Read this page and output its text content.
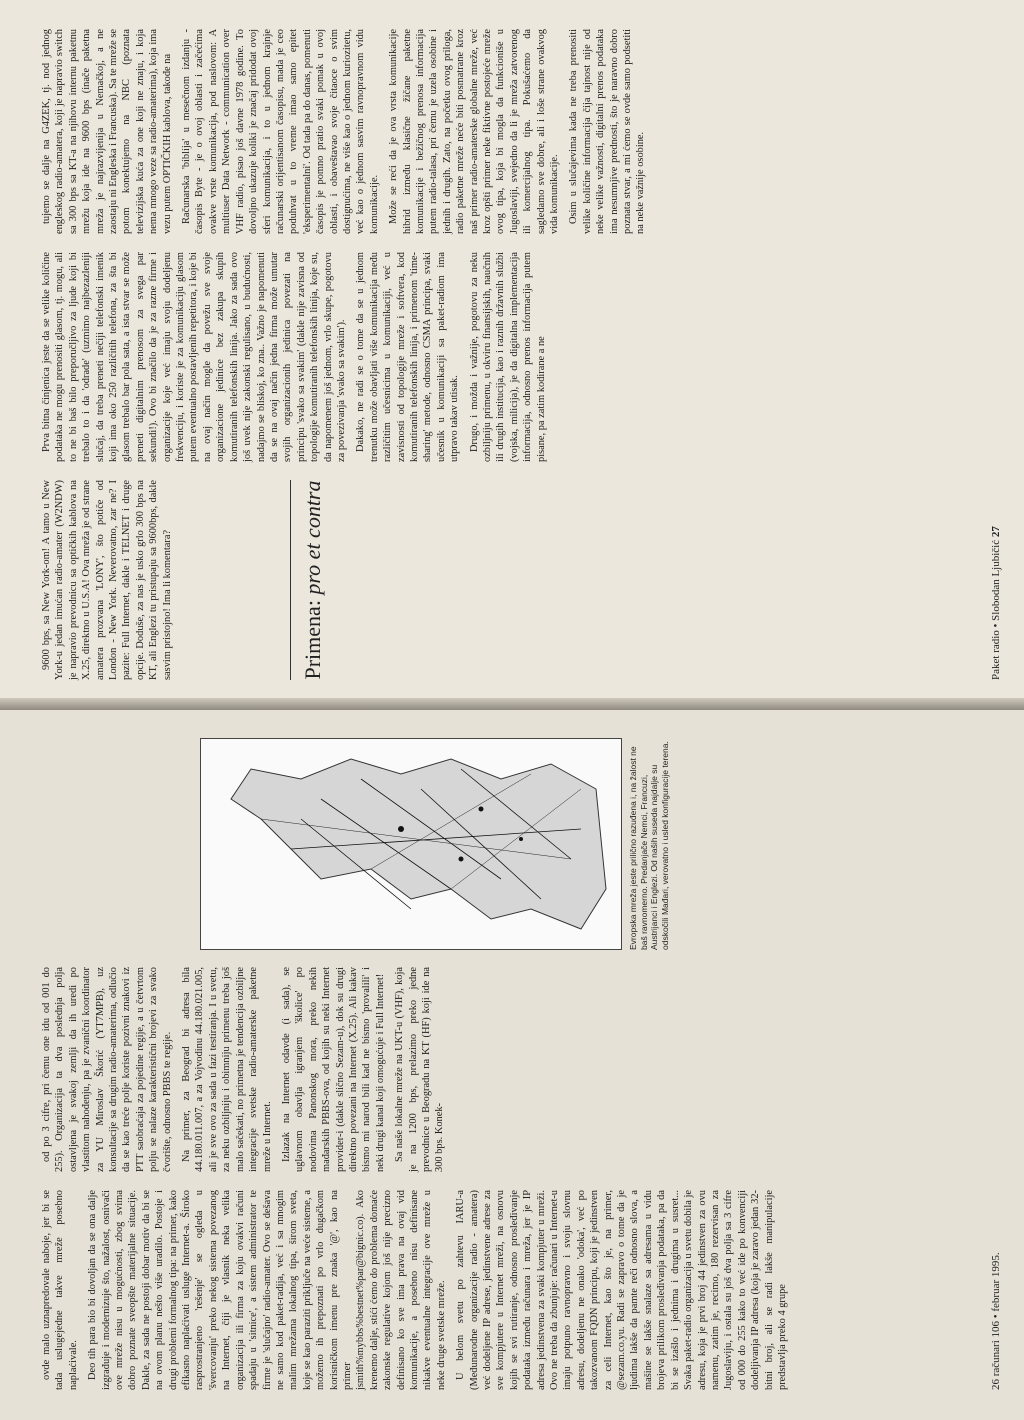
9600 bps, sa New York-om! A tamo u New York-u jedan imućan radio-amater (W2NDW) je napravio prevodnicu sa optičkih kablova na X.25, direktno u U.S.A! Ova mreža je od strane amatera prozvana 'LONY', što potiče od London - New York. Neverovatno, zar ne? I pazite: Full Internet, dakle i TELNET i druge opcije. Doduše, za nas je usko grlo 300 bps na KT, ali Englezi tu pristupaju sa 9600bps, dakle sasvim pristojno! Ima li komentara?	Primena: pro et contra

Prva bitna činjenica jeste da se velike količine podataka ne mogu prenositi glasom, tj. mogu, ali to ne bi baš bilo preporučljivo za ljude koji bi trebalo to i da 'odrade' (uzmimo najbezazleniji slučaj, da treba preneti nečiji telefonski imenik koji ima oko 250 različitih telefona, za šta bi glasom trebalo bar pola sata, a ista stvar se može preneti digitalnim prenosom za svega par sekundi!). Ovo bi značilo da je za razne firme i organizacije koje već imaju svoju dodeljenu frekvenciju, i koriste je za komunikaciju glasom putem eventualno postavljenih repetitora, i koje bi na ovaj način mogle da povežu sve svoje organizacione jedinice bez zakupa skupih komutiranih telefonskih linija. Jako za sada ovo još uvek nije zakonski regulisano, u budućnosti, nadajmo se bliskoj, ko zna.. Važno je napomenuti da se na ovaj način jedna firma može umutar svojih organizacionih jedinica povezati na principu 'svako sa svakim' (dakle nije zavisna od topologije komutiranih telefonskih linija, koje su, da napomenem još jednom, vrlo skupe, pogotovu za povezivanja 'svako sa svakim'). Dakako, ne radi se o tome da se u jednom trenutku može obavljati više komunikacija među različitim učesnicima u komunikaciji, već u zavisnosti od topologije mreže i softvera, kod komutiranih telefonskih linija, i primenom 'time-sharing' metode, odnosno CSMA principa, svaki učesnik u komunikaciji sa paket-radiom ima utpravo takav utisak. Drugo, i možda i važnije, pogotovu za neku ozbiljniju primenu, u okviru finansijskih, naučnih ili drugih institucija, kao i raznih državnih službi (vojska, milicija), je da digitalna implementacija informacija, odnosno prenos informacija putem pisane, pa zatim kodirane a ne

tujemo se dalje na G4ZEK, tj. nod jednog engleskog radio-amatera, koji je napravio switch sa 300 bps sa KT-a na njihovu internu paketnu mrežu koja ide na 9600 bps (inače paketna mreža je najrazvijenija u Nemačkoj, a ne zaostaju ni Engleska i Francuska). Sa te mreže se potom konektujemo na NBC (poznata televizijska kuća za one koji ne znaju, i koja nema mnogo veze sa radio-amaterima), koja ima vezu putem OPTIČKIH kablova, takođe na Računarska 'biblija' u mesečnom izdanju - časopis Byte - je o ovoj oblasti i začećima ovakve vrste komunikacija, pod naslovom: A multiuser Data Network - communication over VHF radio, pisao još davne 1978 godine. To dovoljno ukazuje koliki je značaj pridodat ovoj sferi komunikacija, i to u jednom krajnje računarski orijentisanom časopisu, mada je ceo poduhvat u to vreme imao samo epitet 'eksperimentalni'. Od tada pa do danas, pomenuti časopis je pomno pratio svaki pomak u ovoj oblasti, i obaveštavao svoje čitaoce o svim dostignućima, ne više kao o jednom kuriozitetu, već kao o jednom sasvim ravnopravnom vidu komunikacije. Može se reći da je ova vrsta komunikacije hibrid između klasične žičane paketne komunikacije i bežičnog prenosa informacija putem radio-talasa, pri čemu je uzela osobine i jednih i drugih. Zato, na početku ovog priloga, radio paketne mreže neće biti posmatrane kroz naš primer radio-amaterske globalne mreže, već kroz opšti primer neke fiktivne postojeće mreže ovog tipa, koja bi mogla da funkcioniše u Jugoslaviji, svejedno da li je mreža zatvorenog ili komercijalnog tipa. Pokušaćemo da sagledamo sve dobre, ali i loše strane ovakvog vida komunikacije. Osim u slučajevima kada ne treba prenositi velike količine informacija čija tajnost nije od neke velike važnosti, digitalni prenos podataka ima nesumnjive prednosti, što je naravno dobro poznata stvar, a mi ćemo se ovde samo podsetiti na neke važnije osobine.

Paket radio • Slobodan Ljubičić 27

ovde malo uznapredovale naboje, jer bi se tada uslugejedne takve mreže posebno naplaćivale. Deo tih para bio bi dovoljan da se ona dalje izgrađuje i modernizuje što, nažalost, osnivači ove mreže nisu u mogućnosti, zbog svima dobro poznate sveopšte materijalne situacije. Dakle, za sada ne postoji dobar motiv da bi se na ovom planu nešto više uradilo. Postoje i drugi problemi formalnog tipa: na primer, kako efikasno naplaćivati usluge Internet-a. Široko rasprostranjeno 'rešenje' se ogleda u 'švercovanju' preko nekog sistema povezanog na Internet, čiji je vlasnik neka velika organizacija ili firma za koju ovakvi računi spadaju u 'sitnice', a sistem administrator te firme je 'slučajno' radio-amater. Ovo se dešava ne samo kod paket-radija, već i sa mnogim malim mrežama lokalnog tipa, širom sveta, koje se kao paraziti priključe na veće sisteme, a možemo ih prepoznati po vrlo dugačkom korisničkom imenu pre znaka '@', kao na primer jsmith%mybbs%bestnet%par@bignic.co). Ako krenemo dalje, stići ćemo do problema domaće zakonske regulative kojom još nije precizno definisano ko sve ima prava na ovaj vid komunikacije, a posebno nisu definisane nikakve eventualne integracije ove mreže u neke druge svetske mreže. U belom svetu po zahtevu IARU-a (Međunarodne organizacije radio - amatera) već dodeljene IP adrese, jedinstvene adrese za sve kompjutere u Internet mreži, na osnovu kojih se svi rutiranje, odnosno prosleđivanje podataka između računara i mreža, jer je IP adresa jedinstvena za svaki kompjuter u mreži. Ovo ne treba da zbunjuje: računari u Internet-u imaju potpuno ravnopravno i svoju slovnu adresu, dodeljenu ne onako 'odoka', već po takozvanom FQDN principu, koji je jedinstven za celi Internet, kao što je, na primer, @sezam.co.yu. Radi se zapravo o tome da je ljudima lakše da pamte reči odnosno slova, a mašine se lakše snalaze sa adresama u vidu brojeva prilikom prosleđivanja podataka, pa da bi se izašlo i jednima i drugima u susret... Svaka paket-radio organizacija u svetu dobila je adresu, koja je prvi broj 44 jedinstven za ovu namenu, zatim je, recimo, 180 rezervisan za Jugoslaviju, i ostala su još dva polja sa 3 cifre od 000 do 255 kako to već ide po konvenciji dodeljivanja IP adresa (koja je zaravo jedan 32-bitni broj, ali se radi lakše manipulacije predstavlja preko 4 grupe

od po 3 cifre, pri čemu one idu od 001 do 255). Organizacija ta dva poslednja polja ostavljena je svakoj zemlji da ih uredi po vlastitom nahođenju, pa je zvanični koordinator za YU Miroslav Škorić (YT7MPB), uz konsultacije sa drugim radio-amaterima, odlučio da se kao treće polje koriste pozivni znakovi iz PTT saobraćaja za pojedine regije, a u četvrtom polju se nalaze karakteristični brojevi za svako čvorište, odnosno PBBS te regije. Na primer, za Beograd bi adresa bila 44.180.011.007, a za Vojvodinu 44.180.021.005, ali je sve ovo za sada u fazi testiranja. I u svetu, za neku ozbiljniju i obimniju primenu treba još malo sačekati, no primetna je tendencija ozbiljne integracije svetske radio-amaterske paketne mreže u Internet. Izlazak na Internet odavde (i sada), se uglavnom obavlja igranjem 'školice' po nodovima Panonskog mora, preko nekih mađarskih PBBS-ova, od kojih su neki Internet provider-i (dakle slično Sezam-u), dok su drugi direktno povezani na Internet (X.25). Ali kakav bismo mi narod bili kad ne bismo 'provalili' i neki drugi kanal koji omogućuje i Full Internet! Sa naše lokalne mreže na UKT-u (VHF), koja je na 1200 bps, prelazimo preko jedne prevodnice u Beogradu na KT (HF) koji ide na 300 bps. Konek-

Evropska mreža jeste prilično razuđena i, na žalost ne baš ravnomerno. Predanjače Nemci, Francuzi, Austrijanci i Englezi. Od naših suseda najdalje su odskočili Mađari, verovatno i usled konfiguracije terena.
26 računari 106 • februar 1995.
